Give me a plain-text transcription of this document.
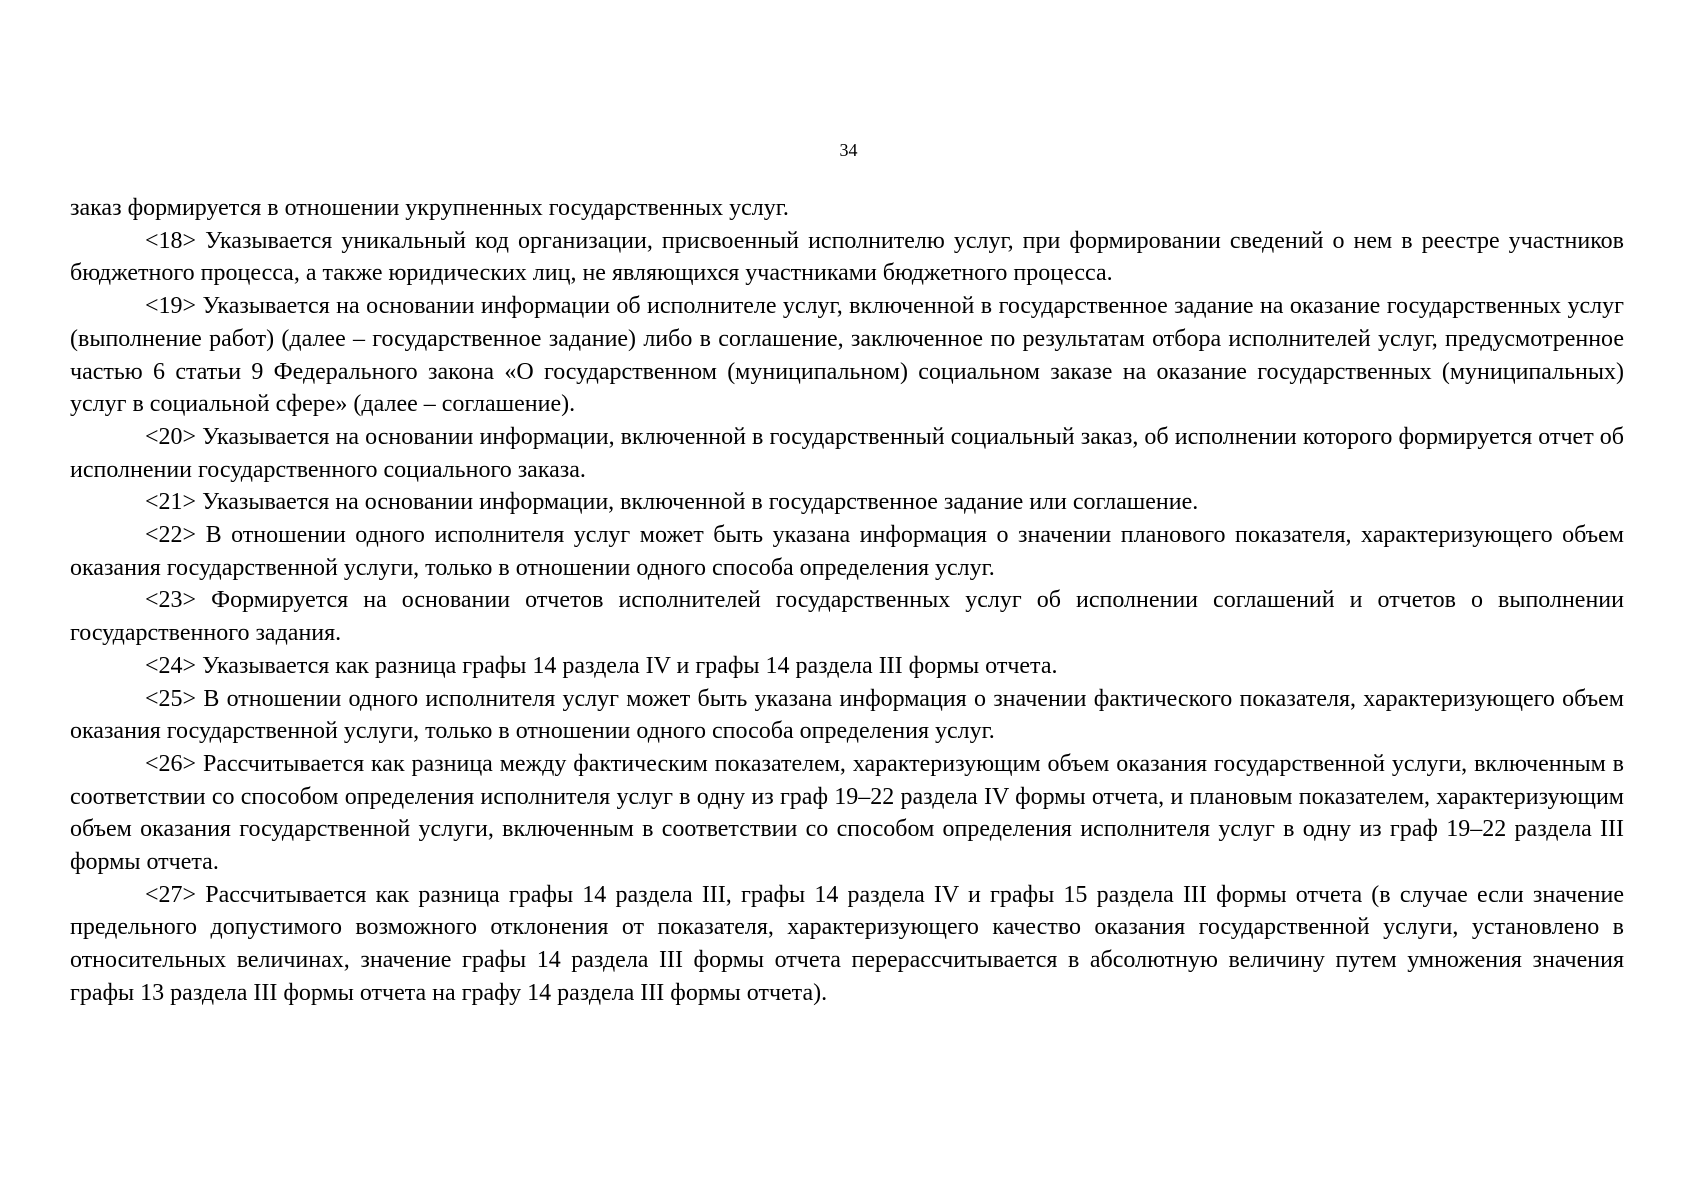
34

заказ формируется в отношении укрупненных государственных услуг.

<18> Указывается уникальный код организации, присвоенный исполнителю услуг, при формировании сведений о нем в реестре участников бюджетного процесса, а также юридических лиц, не являющихся участниками бюджетного процесса.

<19> Указывается на основании информации об исполнителе услуг, включенной в государственное задание на оказание государственных услуг (выполнение работ) (далее – государственное задание) либо в соглашение, заключенное по результатам отбора исполнителей услуг, предусмотренное частью 6 статьи 9 Федерального закона «О государственном (муниципальном) социальном заказе на оказание государственных (муниципальных) услуг в социальной сфере» (далее – соглашение).

<20> Указывается на основании информации, включенной в государственный социальный заказ, об исполнении которого формируется отчет об исполнении государственного социального заказа.

<21> Указывается на основании информации, включенной в государственное задание или соглашение.

<22> В отношении одного исполнителя услуг может быть указана информация о значении планового показателя, характеризующего объем оказания государственной услуги, только в отношении одного способа определения услуг.

<23> Формируется на основании отчетов исполнителей государственных услуг об исполнении соглашений и отчетов о выполнении государственного задания.

<24> Указывается как разница графы 14 раздела IV и графы 14 раздела III формы отчета.

<25> В отношении одного исполнителя услуг может быть указана информация о значении фактического показателя, характеризующего объем оказания государственной услуги, только в отношении одного способа определения услуг.

<26> Рассчитывается как разница между фактическим показателем, характеризующим объем оказания государственной услуги, включенным в соответствии со способом определения исполнителя услуг в одну из граф 19–22 раздела IV формы отчета, и плановым показателем, характеризующим объем оказания государственной услуги, включенным в соответствии со способом определения исполнителя услуг в одну из граф 19–22 раздела III формы отчета.

<27> Рассчитывается как разница графы 14 раздела III, графы 14 раздела IV и графы 15 раздела III формы отчета (в случае если значение предельного допустимого возможного отклонения от показателя, характеризующего качество оказания государственной услуги, установлено в относительных величинах, значение графы 14 раздела III формы отчета перерассчитывается в абсолютную величину путем умножения значения графы 13 раздела III формы отчета на графу 14 раздела III формы отчета).
